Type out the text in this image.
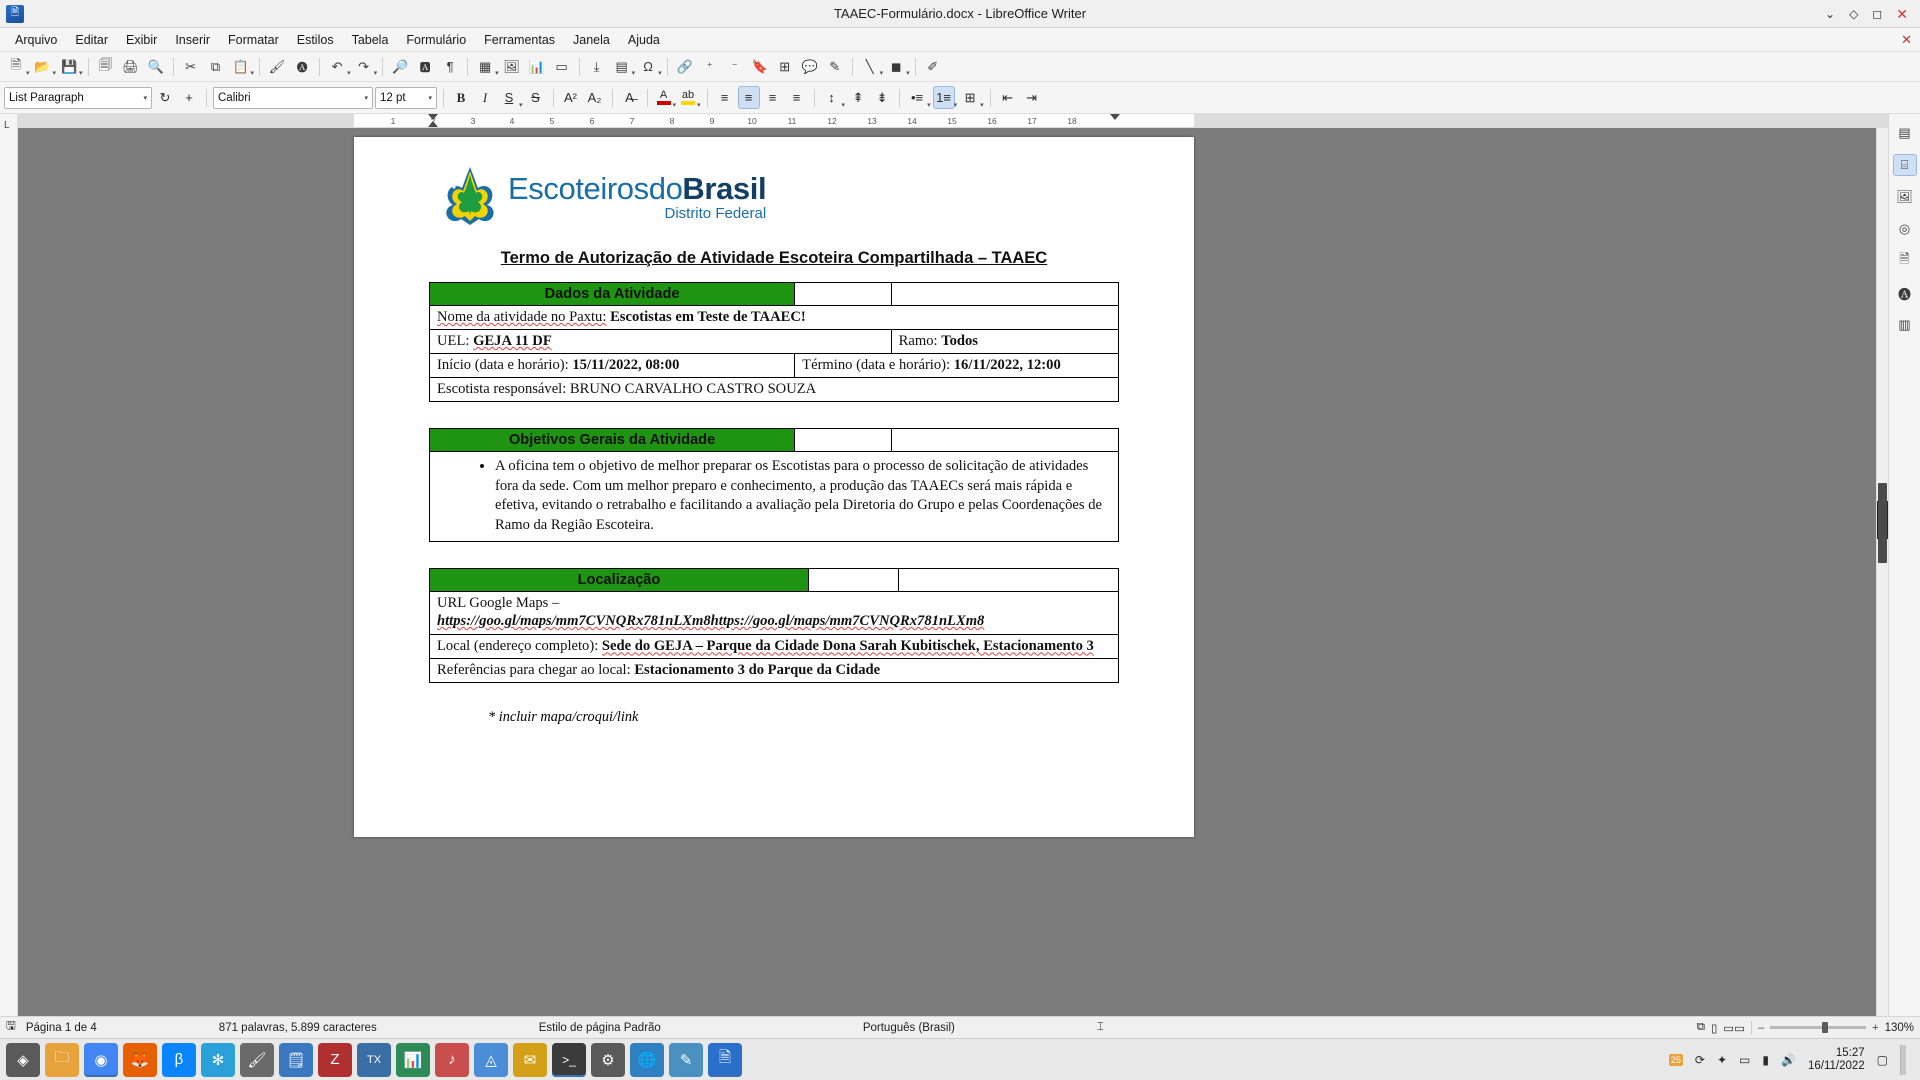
🗎	TAAEC-Formulário.docx - LibreOffice Writer	⌄ ◇ ◻ ✕
Arquivo	Editar	Exibir	Inserir	Formatar	Estilos	Tabela	Formulário	Ferramentas	Janela	Ajuda	✕
🗎
▾ 📂 ▾ 💾 ▾
🗐 🖨 🔍	✂	⧉ 📋 ▾ 🖌	🅐	↶ ▾ ↷ ▾	🔎	🅰	¶	▦ ▾ 🖼 📊 ▭	⤓	▤ ▾ Ω ▾	🔗	⁺	⁻	🔖 ⊞ 💬 ✎	╲ ▾ ◼ ▾	✐
List Paragraph	▾ ↻	+	Calibri	▾ 12 pt	▾ B I S
▾
S	A² A₂	A̶	A
▾
ab
▾
≡	≡	≡	≡	↕
▾
⇞	⇟	•≡
▾
1≡
▾
⊞
▾
⇤	⇥
L	1	2	3	4	5	6	7	8	9	10	11	12	13	14	15	16	17	18
EscoteirosdoBrasil
Distrito Federal
Termo de Autorização de Atividade Escoteira Compartilhada – TAAEC
Dados da Atividade		
Nome da atividade no Paxtu: Escotistas em Teste de TAAEC!		
UEL: GEJA 11 DF		Ramo: Todos
Início (data e horário): 15/11/2022, 08:00	Término (data e horário): 16/11/2022, 12:00	
Escotista responsável: BRUNO CARVALHO CASTRO SOUZA		
Objetivos Gerais da Atividade		

• A oficina tem o objetivo de melhor preparar os Escotistas para o processo de solicitação de atividades fora da sede. Com um melhor preparo e conhecimento, a produção das TAAECs será mais rápida e efetiva, evitando o retrabalho e facilitando a avaliação pela Diretoria do Grupo e pelas Coordenações de Ramo da Região Escoteira.
Localização		

URL Google Maps –
https://goo.gl/maps/mm7CVNQRx781nLXm8https://goo.gl/maps/mm7CVNQRx781nLXm8

Local (endereço completo): Sede do GEJA – Parque da Cidade Dona Sarah Kubitischek, Estacionamento 3
Referências para chegar ao local: Estacionamento 3 do Parque da Cidade
* incluir mapa/croqui/link
▤
⌸
🖼
◎
🗎
🅐
▥
🖫 Página 1 de 4	871 palavras, 5.899 caracteres	Estilo de página Padrão	Português (Brasil)	⌶	⧉ ▯ ▭▭ –	+ 130%
◈	🗀	◉	🦊	β	✻	🖌	🗒	Z	TX	📊	♪	◬	✉	>_	⚙	🌐	✎	🗎	25 ⟳ ✦ ▭ ▮ 🔊	15:27
16/11/2022 ▢
